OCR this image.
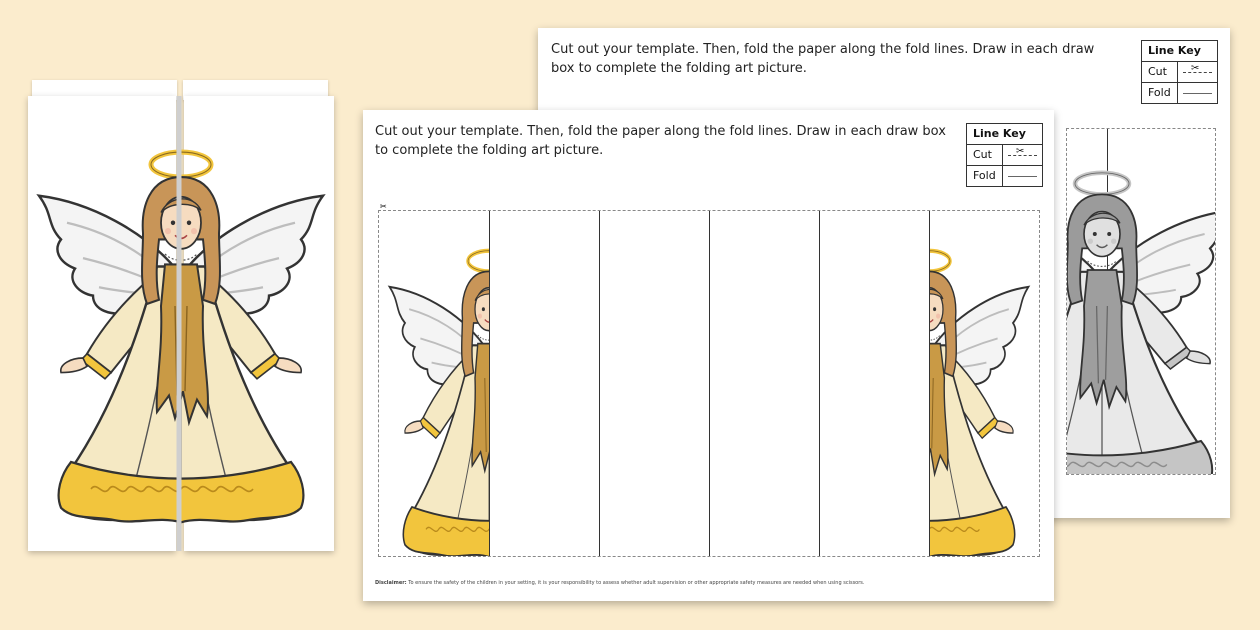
Cut out your template. Then, fold the paper along the fold lines. Draw in each draw box to complete the folding art picture.

Line Key
Cut	✂
Fold

Cut out your template. Then, fold the paper along the fold lines. Draw in each draw box to complete the folding art picture.

Line Key
Cut	✂
Fold
✂

Disclaimer: To ensure the safety of the children in your setting, it is your responsibility to assess whether adult supervision or other appropriate safety measures are needed when using scissors.
